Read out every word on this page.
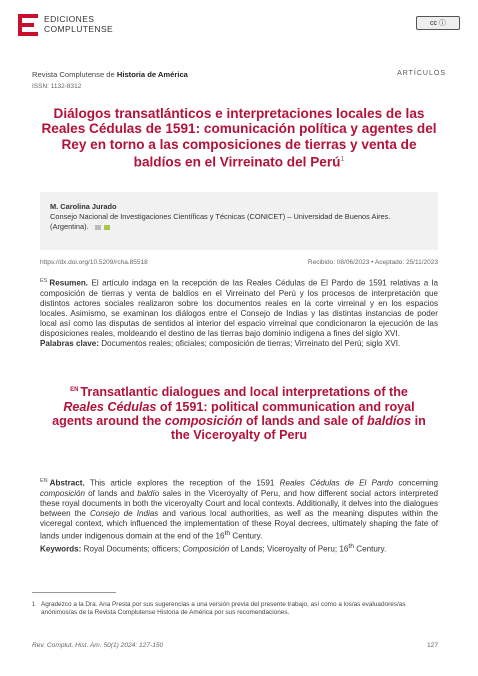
EDICIONES
COMPLUTENSE
cc ⓘ
Revista Complutense de Historia de América	ARTÍCULOS
ISSN: 1132-8312
Diálogos transatlánticos e interpretaciones locales de las Reales Cédulas de 1591: comunicación política y agentes del Rey en torno a las composiciones de tierras y venta de baldíos en el Virreinato del Perú$^1$
M. Carolina Jurado
Consejo Nacional de Investigaciones Científicas y Técnicas (CONICET) – Universidad de Buenos Aires. (Argentina).
https://dx.doi.org/10.5209/rcha.85518	Recibido: 08/06/2023 • Aceptado: 25/11/2023

$^{ES}$ Resumen. El artículo indaga en la recepción de las Reales Cédulas de El Pardo de 1591 relativas a la composición de tierras y venta de baldíos en el Virreinato del Perú y los procesos de interpretación que distintos actores sociales realizaron sobre los documentos reales en la corte virreinal y en los espacios locales. Asimismo, se examinan los diálogos entre el Consejo de Indias y las distintas instancias de poder local así como las disputas de sentidos al interior del espacio virreinal que condicionaron la ejecución de las disposiciones reales, moldeando el destino de las tierras bajo dominio indígena a fines del siglo XVI.

Palabras clave: Documentos reales; oficiales; composición de tierras; Virreinato del Perú; siglo XVI.

$^{EN}$ Transatlantic dialogues and local interpretations of the Reales Cédulas of 1591: political communication and royal agents around the composición of lands and sale of baldíos in the Viceroyalty of Peru

$^{EN}$ Abstract. This article explores the reception of the 1591 Reales Cédulas de El Pardo concerning composición of lands and baldío sales in the Viceroyalty of Peru, and how different social actors interpreted these royal documents in both the viceroyalty Court and local contexts. Additionally, it delves into the dialogues between the Consejo de Indias and various local authorities, as well as the meaning disputes within the viceregal context, which influenced the implementation of these Royal decrees, ultimately shaping the fate of lands under indigenous domain at the end of the 16th Century.

Keywords: Royal Documents; officers; Composición of Lands; Viceroyalty of Peru; 16th Century.

1 Agradezco a la Dra. Ana Presta por sus sugerencias a una versión previa del presente trabajo, así como a los/as evaluadores/as anónimos/as de la Revista Complutense Historia de América por sus recomendaciones.
Rev. Complut. Hist. Am. 50(1) 2024: 127-150	127
